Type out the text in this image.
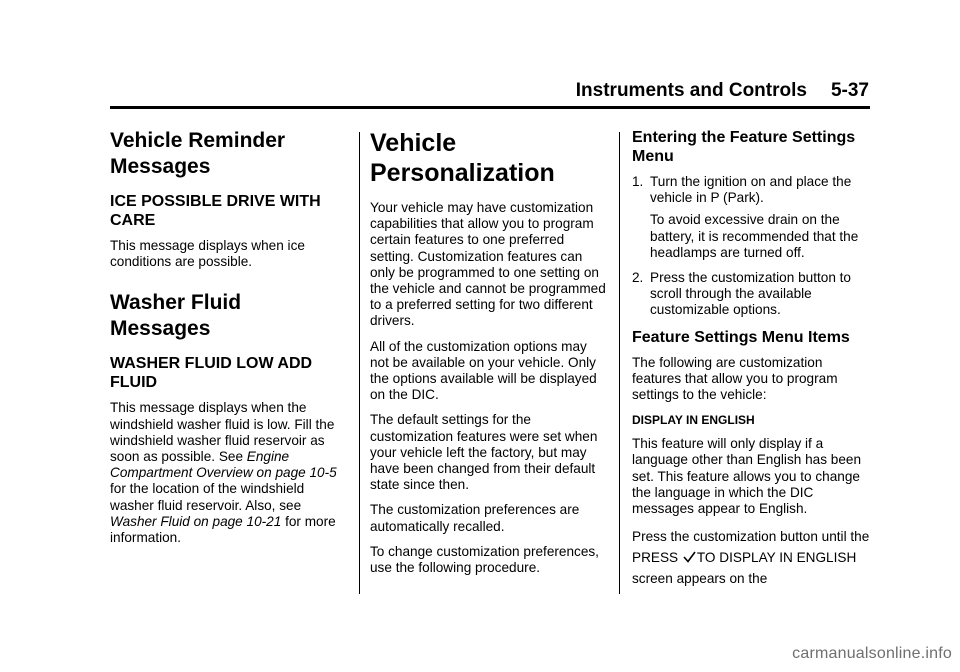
Instruments and Controls 5-37
Vehicle Reminder Messages
ICE POSSIBLE DRIVE WITH CARE

This message displays when ice conditions are possible.

Washer Fluid Messages
WASHER FLUID LOW ADD FLUID

This message displays when the windshield washer fluid is low. Fill the windshield washer fluid reservoir as soon as possible. See Engine Compartment Overview on page 10-5 for the location of the windshield washer fluid reservoir. Also, see Washer Fluid on page 10-21 for more information.

Vehicle Personalization

Your vehicle may have customization capabilities that allow you to program certain features to one preferred setting. Customization features can only be programmed to one setting on the vehicle and cannot be programmed to a preferred setting for two different drivers.

All of the customization options may not be available on your vehicle. Only the options available will be displayed on the DIC.

The default settings for the customization features were set when your vehicle left the factory, but may have been changed from their default state since then.

The customization preferences are automatically recalled.

To change customization preferences, use the following procedure.

Entering the Feature Settings Menu
1. Turn the ignition on and place the vehicle in P (Park).

To avoid excessive drain on the battery, it is recommended that the headlamps are turned off.

2. Press the customization button to scroll through the available customizable options.
Feature Settings Menu Items

The following are customization features that allow you to program settings to the vehicle:

DISPLAY IN ENGLISH

This feature will only display if a language other than English has been set. This feature allows you to change the language in which the DIC messages appear to English.

Press the customization button until the PRESS TO DISPLAY IN ENGLISH screen appears on the

carmanualsonline.info
